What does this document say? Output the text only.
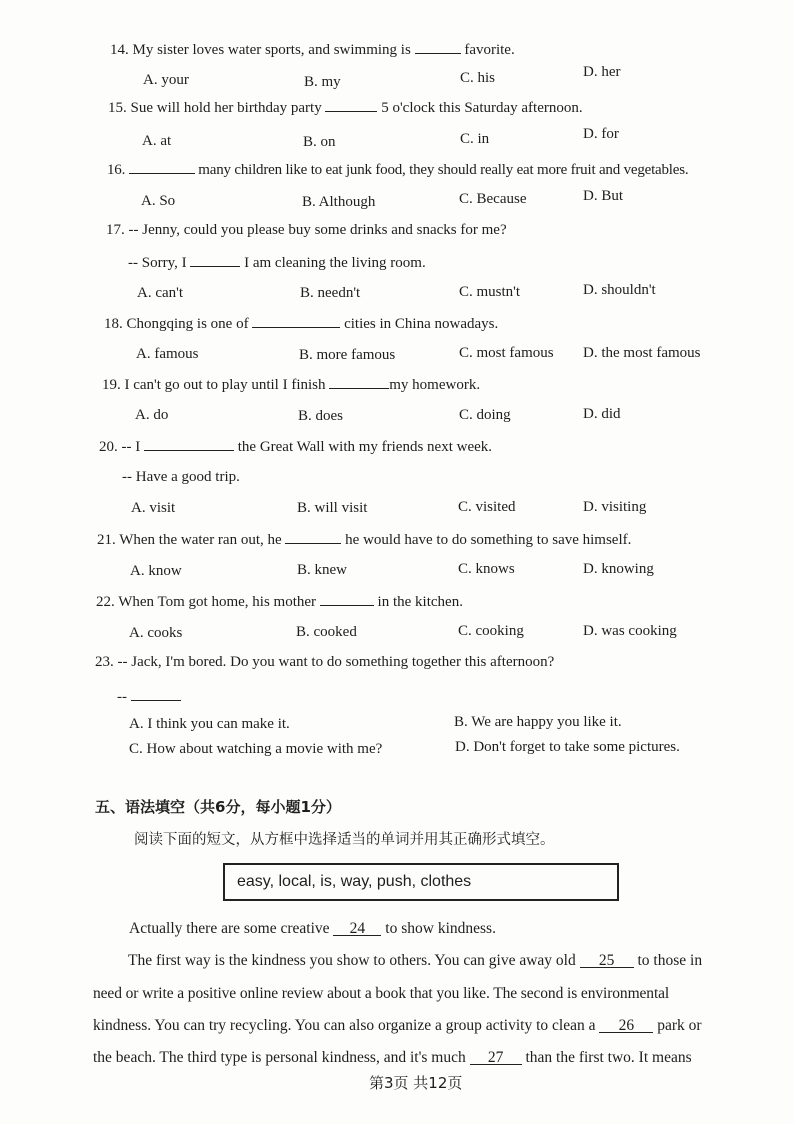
14. My sister loves water sports, and swimming is	favorite.
A. your	B. my	C. his	D. her
15. Sue will hold her birthday party	5 o'clock this Saturday afternoon.
A. at	B. on	C. in	D. for
16.	many children like to eat junk food, they should really eat more fruit and vegetables.
A. So	B. Although	C. Because	D. But
17. -- Jenny, could you please buy some drinks and snacks for me?
-- Sorry, I	I am cleaning the living room.
A. can't	B. needn't	C. mustn't	D. shouldn't
18. Chongqing is one of	cities in China nowadays.
A. famous	B. more famous	C. most famous D. the most famous
19. I can't go out to play until I finish	my homework.
A. do	B. does	C. doing	D. did
20. -- I	the Great Wall with my friends next week.
-- Have a good trip.
A. visit	B. will visit	C. visited	D. visiting
21. When the water ran out, he	he would have to do something to save himself.
A. know	B. knew	C. knows	D. knowing
22. When Tom got home, his mother	in the kitchen.
A. cooks	B. cooked	C. cooking	D. was cooking
23. -- Jack, I'm bored. Do you want to do something together this afternoon?
--
A. I think you can make it.	B. We are happy you like it.
C. How about watching a movie with me?	D. Don't forget to take some pictures.
五、语法填空（共6分，每小题1分）
阅读下面的短文，从方框中选择适当的单词并用其正确形式填空。
easy, local, is, way, push, clothes
Actually there are some creative 24 to show kindness.
The first way is the kindness you show to others. You can give away old 25 to those in
need or write a positive online review about a book that you like. The second is environmental
kindness. You can try recycling. You can also organize a group activity to clean a 26 park or
the beach. The third type is personal kindness, and it's much 27 than the first two. It means
第3页 共12页
